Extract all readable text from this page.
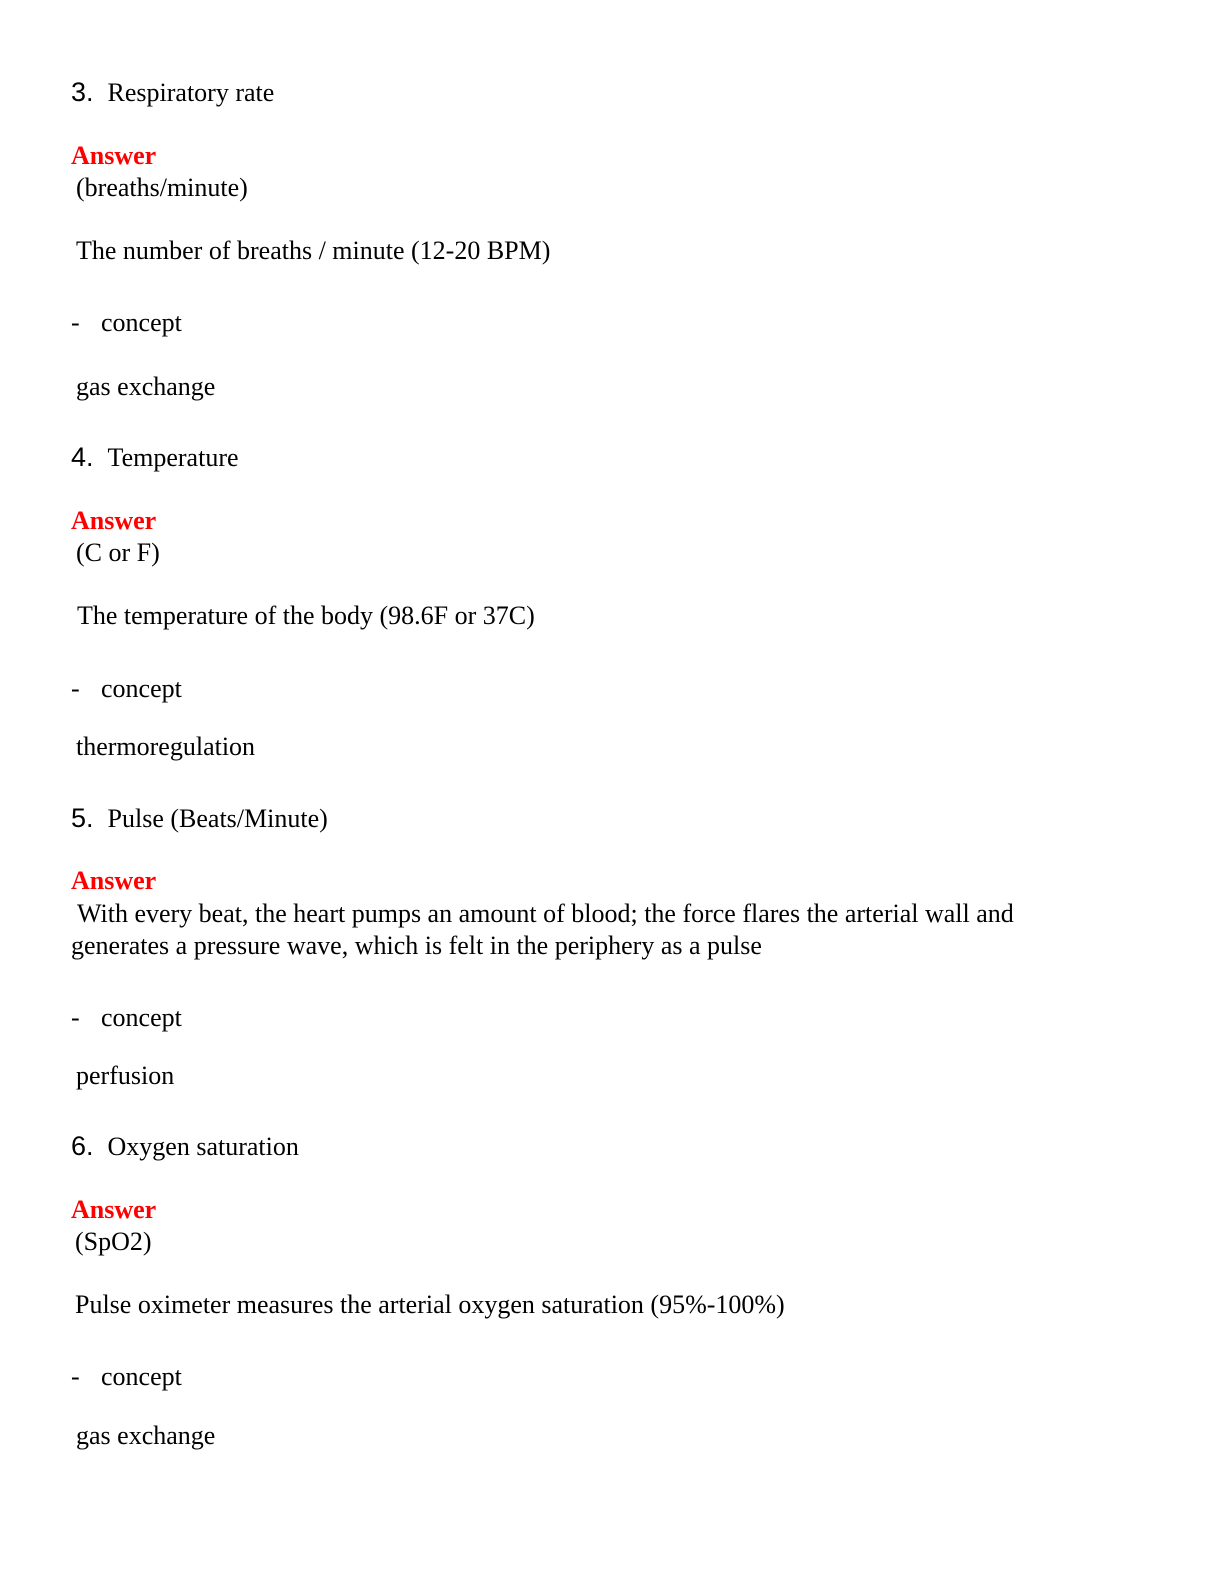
3. Respiratory rate
Answer
(breaths/minute)
The number of breaths / minute (12-20 BPM)
- concept
gas exchange
4. Temperature
Answer
(C or F)
The temperature of the body (98.6F or 37C)
- concept
thermoregulation
5. Pulse (Beats/Minute)
Answer
With every beat, the heart pumps an amount of blood; the force flares the arterial wall and generates a pressure wave, which is felt in the periphery as a pulse
- concept
perfusion
6. Oxygen saturation
Answer
(SpO2)
Pulse oximeter measures the arterial oxygen saturation (95%-100%)
- concept
gas exchange
